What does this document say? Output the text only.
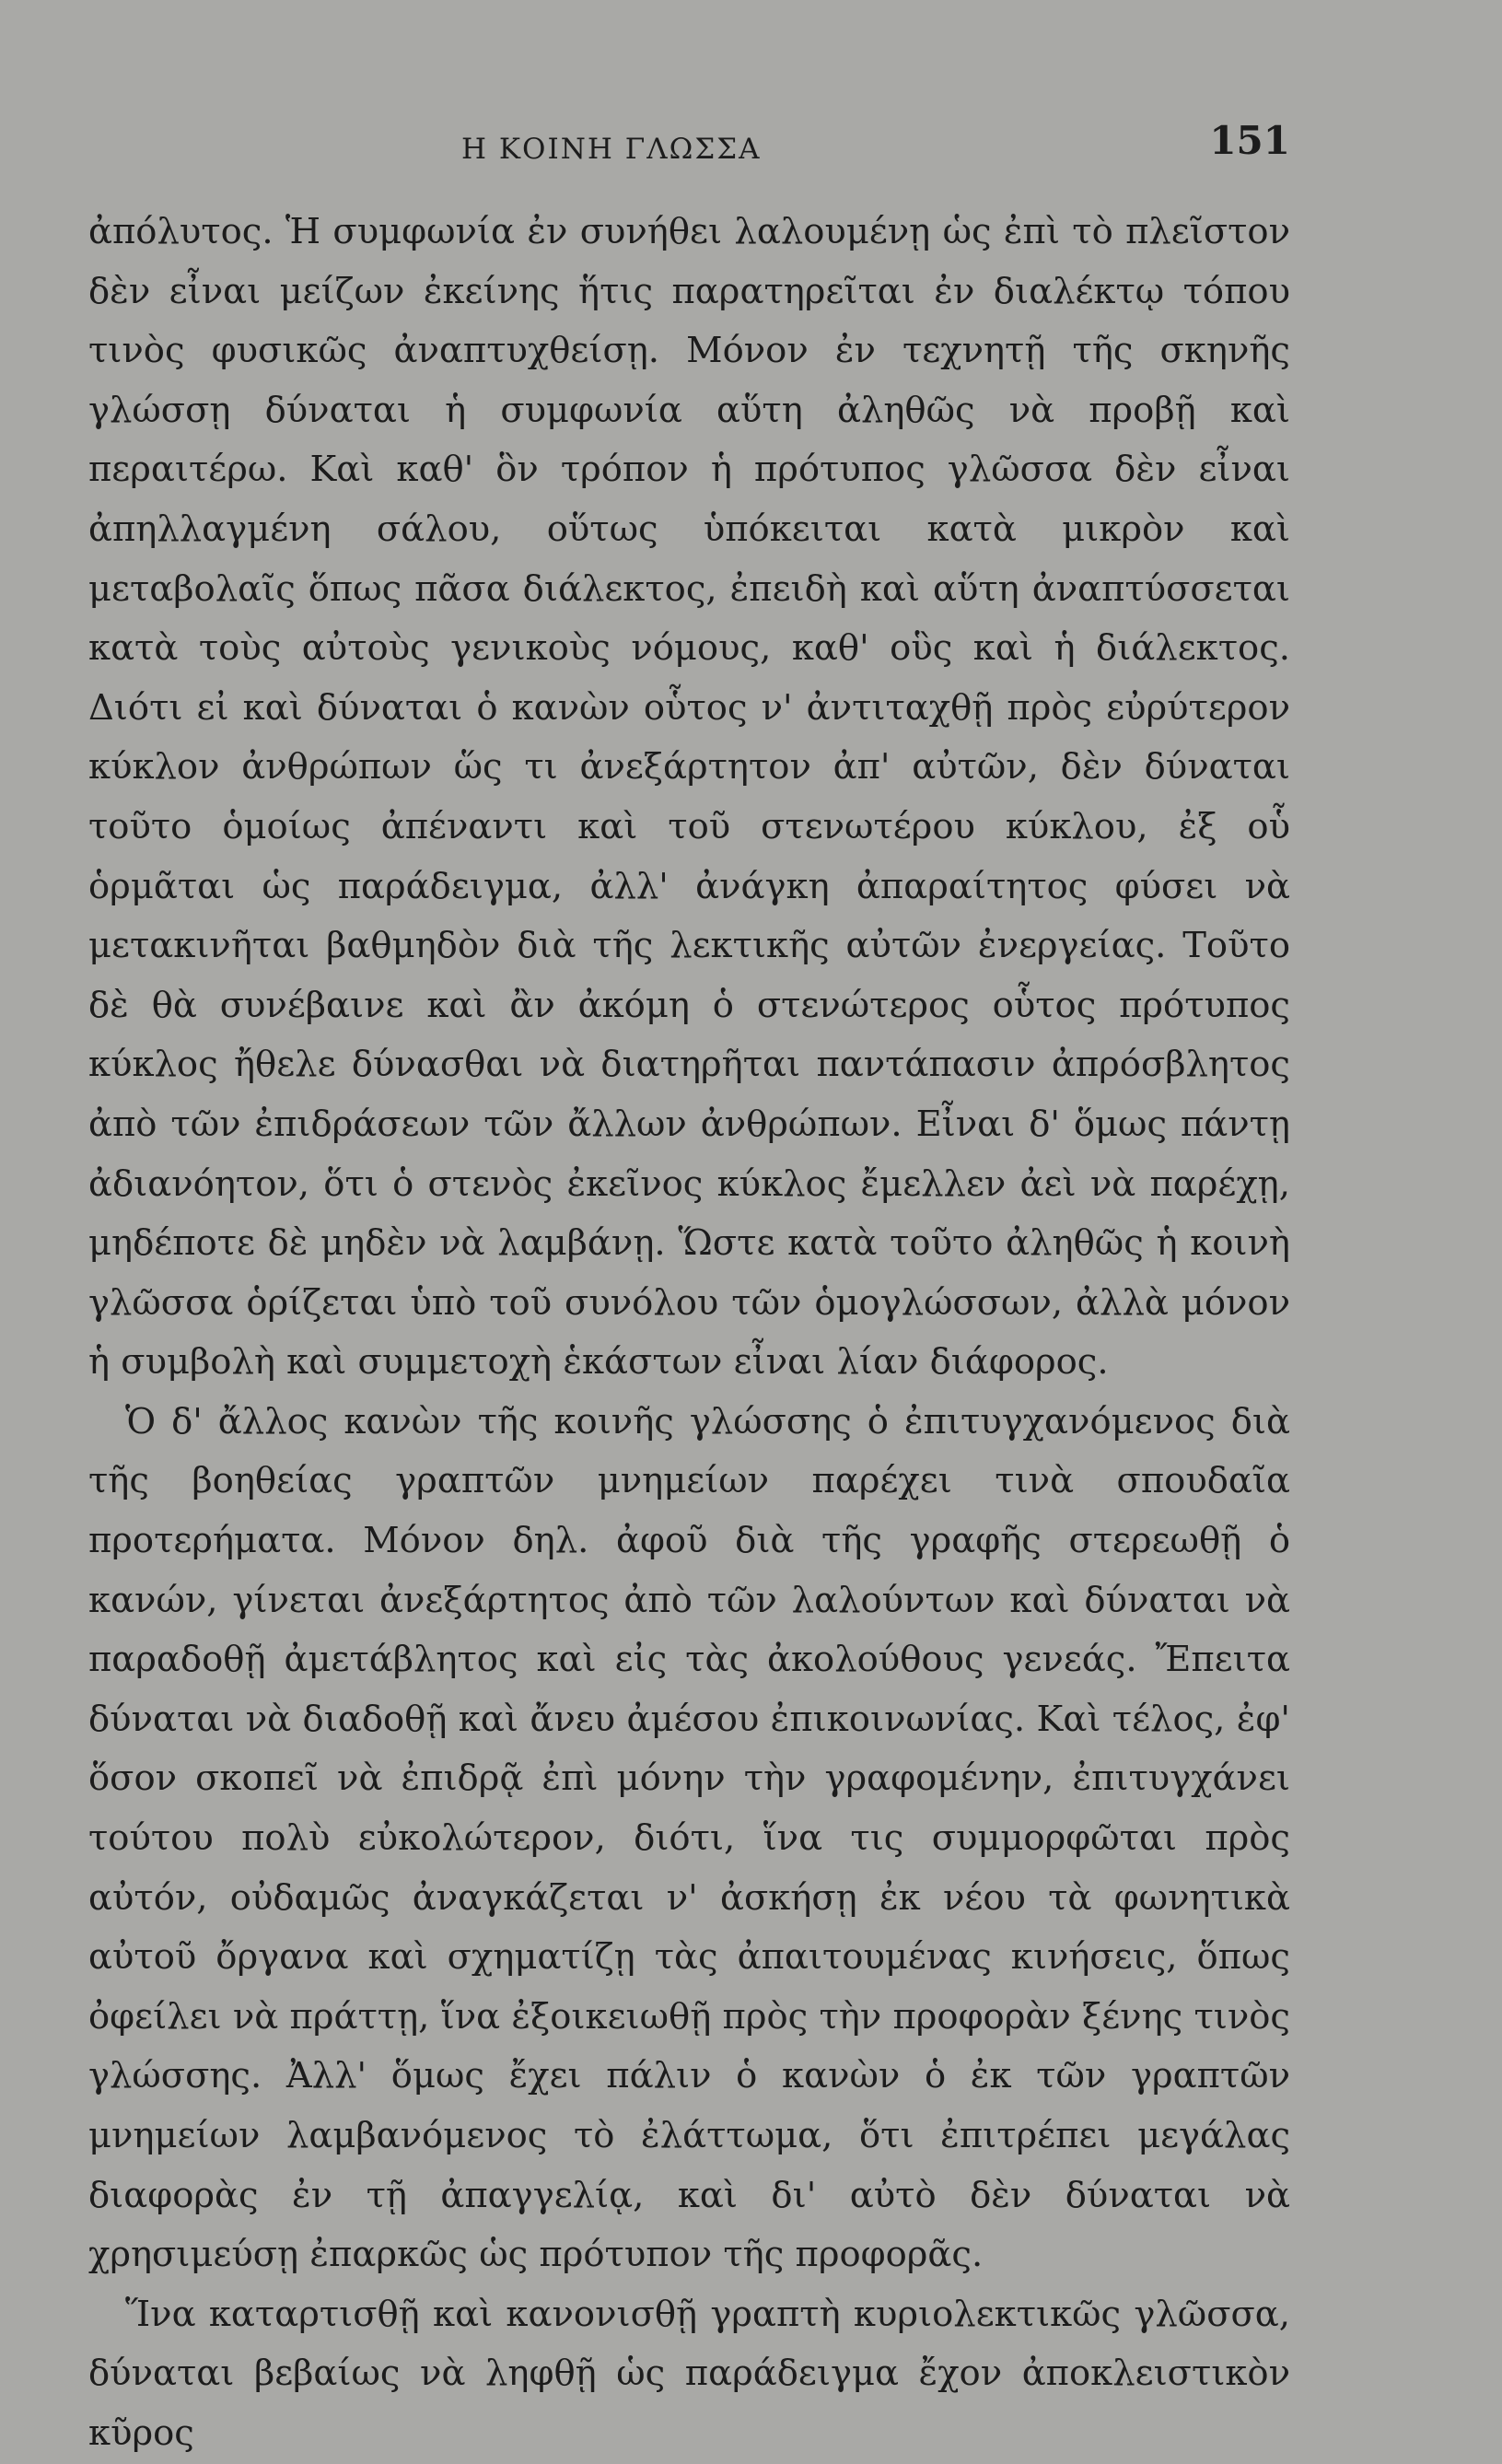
Η ΚΟΙΝΗ ΓΛΩΣΣΑ	151

ἀπόλυτος. Ἡ συμφωνία ἐν συνήθει λαλουμένῃ ὡς ἐπὶ τὸ πλεῖστον δὲν εἶναι μείζων ἐκείνης ἥτις παρατηρεῖται ἐν διαλέκτῳ τόπου τινὸς φυσικῶς ἀναπτυχθείσῃ. Μόνον ἐν τεχνητῇ τῆς σκηνῆς γλώσσῃ δύναται ἡ συμφωνία αὕτη ἀληθῶς νὰ προβῇ καὶ περαιτέρω. Καὶ καθ' ὃν τρόπον ἡ πρότυπος γλῶσσα δὲν εἶναι ἀπηλλαγμένη σάλου, οὕτως ὑπόκειται κατὰ μικρὸν καὶ μεταβολαῖς ὅπως πᾶσα διάλεκτος, ἐπειδὴ καὶ αὕτη ἀναπτύσσεται κατὰ τοὺς αὐτοὺς γενικοὺς νόμους, καθ' οὓς καὶ ἡ διάλεκτος. Διότι εἰ καὶ δύναται ὁ κανὼν οὗτος ν' ἀντιταχθῇ πρὸς εὐρύτερον κύκλον ἀνθρώπων ὥς τι ἀνεξάρτητον ἀπ' αὐτῶν, δὲν δύναται τοῦτο ὁμοίως ἀπέναντι καὶ τοῦ στενωτέρου κύκλου, ἐξ οὗ ὁρμᾶται ὡς παράδειγμα, ἀλλ' ἀνάγκη ἀπαραίτητος φύσει νὰ μετακινῆται βαθμηδὸν διὰ τῆς λεκτικῆς αὐτῶν ἐνεργείας. Τοῦτο δὲ θὰ συνέβαινε καὶ ἂν ἀκόμη ὁ στενώτερος οὗτος πρότυπος κύκλος ἤθελε δύνασθαι νὰ διατηρῆται παντάπασιν ἀπρόσβλητος ἀπὸ τῶν ἐπιδράσεων τῶν ἄλλων ἀνθρώπων. Εἶναι δ' ὅμως πάντῃ ἀδιανόητον, ὅτι ὁ στενὸς ἐκεῖνος κύκλος ἔμελλεν ἀεὶ νὰ παρέχῃ, μηδέποτε δὲ μηδὲν νὰ λαμβάνῃ. Ὥστε κατὰ τοῦτο ἀληθῶς ἡ κοινὴ γλῶσσα ὁρίζεται ὑπὸ τοῦ συνόλου τῶν ὁμογλώσσων, ἀλλὰ μόνον ἡ συμβολὴ καὶ συμμετοχὴ ἑκάστων εἶναι λίαν διάφορος.

Ὁ δ' ἄλλος κανὼν τῆς κοινῆς γλώσσης ὁ ἐπιτυγχανόμενος διὰ τῆς βοηθείας γραπτῶν μνημείων παρέχει τινὰ σπουδαῖα προτερήματα. Μόνον δηλ. ἀφοῦ διὰ τῆς γραφῆς στερεωθῇ ὁ κανών, γίνεται ἀνεξάρτητος ἀπὸ τῶν λαλούντων καὶ δύναται νὰ παραδοθῇ ἀμετάβλητος καὶ εἰς τὰς ἀκολούθους γενεάς. Ἔπειτα δύναται νὰ διαδοθῇ καὶ ἄνευ ἀμέσου ἐπικοινωνίας. Καὶ τέλος, ἐφ' ὅσον σκοπεῖ νὰ ἐπιδρᾷ ἐπὶ μόνην τὴν γραφομένην, ἐπιτυγχάνει τούτου πολὺ εὐκολώτερον, διότι, ἵνα τις συμμορφῶται πρὸς αὐτόν, οὐδαμῶς ἀναγκάζεται ν' ἀσκήσῃ ἐκ νέου τὰ φωνητικὰ αὐτοῦ ὄργανα καὶ σχηματίζῃ τὰς ἀπαιτουμένας κινήσεις, ὅπως ὀφείλει νὰ πράττῃ, ἵνα ἐξοικειωθῇ πρὸς τὴν προφορὰν ξένης τινὸς γλώσσης. Ἀλλ' ὅμως ἔχει πάλιν ὁ κανὼν ὁ ἐκ τῶν γραπτῶν μνημείων λαμβανόμενος τὸ ἐλάττωμα, ὅτι ἐπιτρέπει μεγάλας διαφορὰς ἐν τῇ ἀπαγγελίᾳ, καὶ δι' αὐτὸ δὲν δύναται νὰ χρησιμεύσῃ ἐπαρκῶς ὡς πρότυπον τῆς προφορᾶς.

Ἵνα καταρτισθῇ καὶ κανονισθῇ γραπτὴ κυριολεκτικῶς γλῶσσα, δύναται βεβαίως νὰ ληφθῇ ὡς παράδειγμα ἔχον ἀποκλειστικὸν κῦρος
